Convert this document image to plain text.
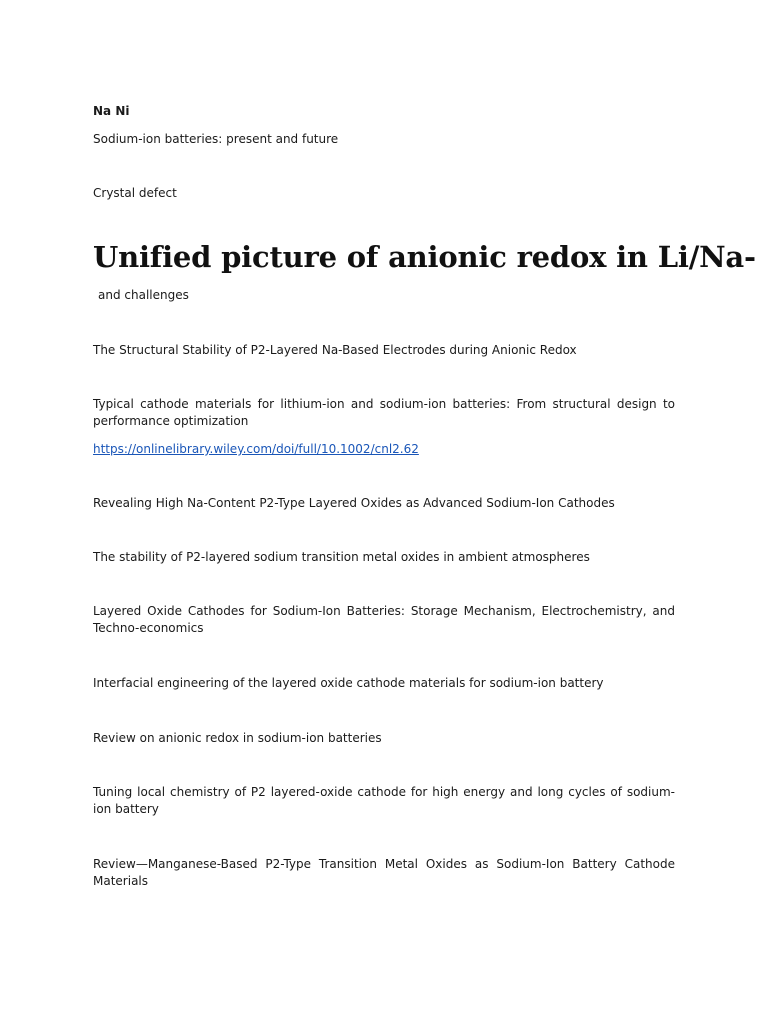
Na Ni
Sodium-ion batteries: present and future
Crystal defect
Unified picture of anionic redox in Li/Na-
and challenges
The Structural Stability of P2-Layered Na-Based Electrodes during Anionic Redox
Typical cathode materials for lithium-ion and sodium-ion batteries: From structural design to performance optimization
https://onlinelibrary.wiley.com/doi/full/10.1002/cnl2.62
Revealing High Na-Content P2-Type Layered Oxides as Advanced Sodium-Ion Cathodes
The stability of P2-layered sodium transition metal oxides in ambient atmospheres
Layered Oxide Cathodes for Sodium-Ion Batteries: Storage Mechanism, Electrochemistry, and Techno-economics
Interfacial engineering of the layered oxide cathode materials for sodium-ion battery
Review on anionic redox in sodium-ion batteries
Tuning local chemistry of P2 layered-oxide cathode for high energy and long cycles of sodium-ion battery
Review—Manganese-Based P2-Type Transition Metal Oxides as Sodium-Ion Battery Cathode Materials
